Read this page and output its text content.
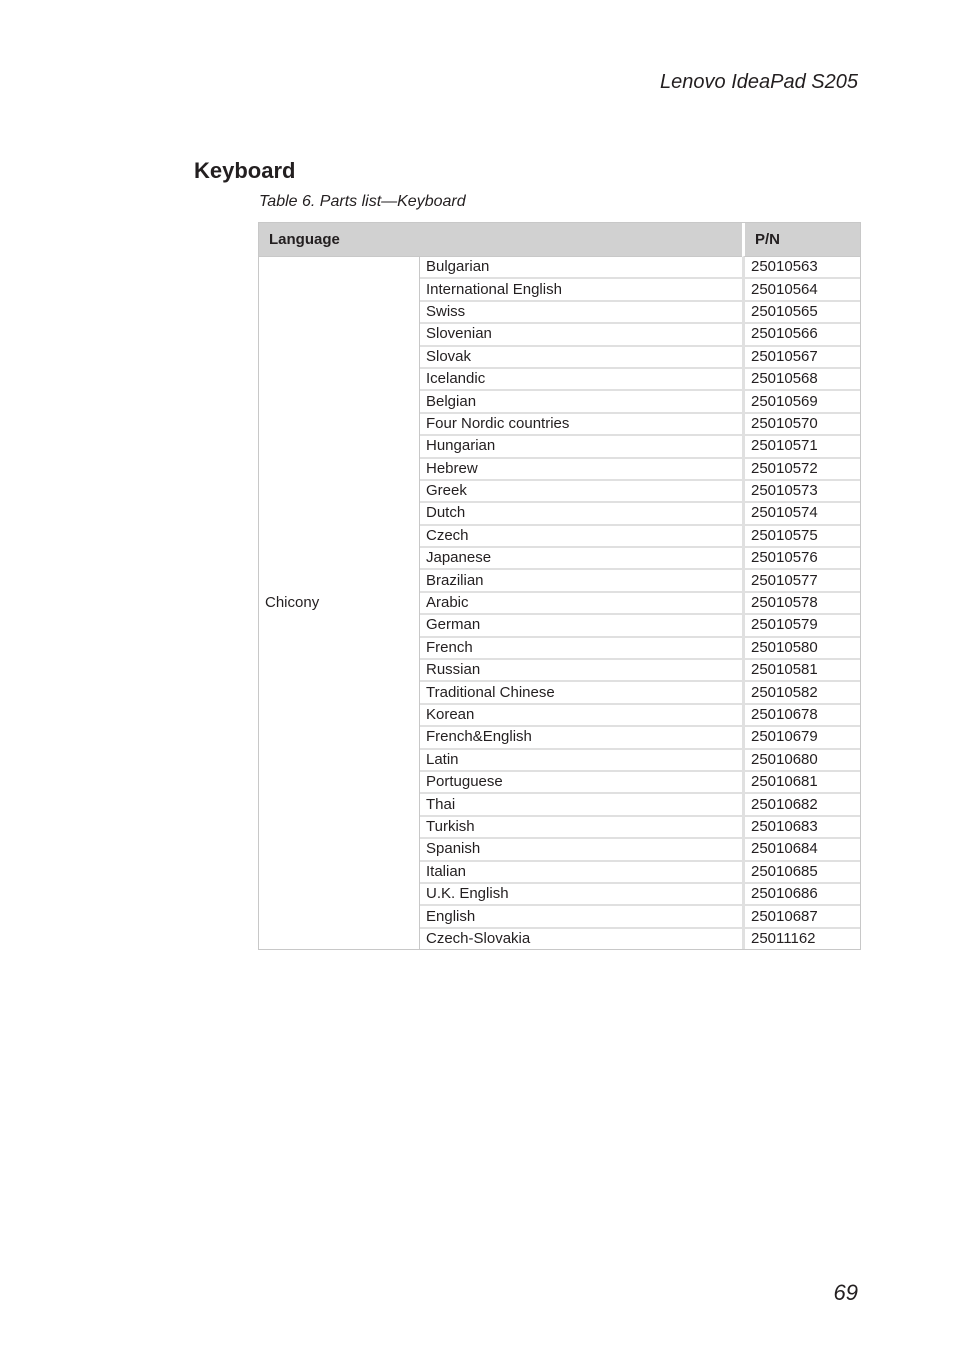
Lenovo IdeaPad S205
Keyboard
Table 6. Parts list—Keyboard
Language		P/N
Chicony	Bulgarian	25010563
	International English	25010564
	Swiss	25010565
	Slovenian	25010566
	Slovak	25010567
	Icelandic	25010568
	Belgian	25010569
	Four Nordic countries	25010570
	Hungarian	25010571
	Hebrew	25010572
	Greek	25010573
	Dutch	25010574
	Czech	25010575
	Japanese	25010576
	Brazilian	25010577
	Arabic	25010578
	German	25010579
	French	25010580
	Russian	25010581
	Traditional Chinese	25010582
	Korean	25010678
	French&English	25010679
	Latin	25010680
	Portuguese	25010681
	Thai	25010682
	Turkish	25010683
	Spanish	25010684
	Italian	25010685
	U.K. English	25010686
	English	25010687
	Czech-Slovakia	25011162
69
